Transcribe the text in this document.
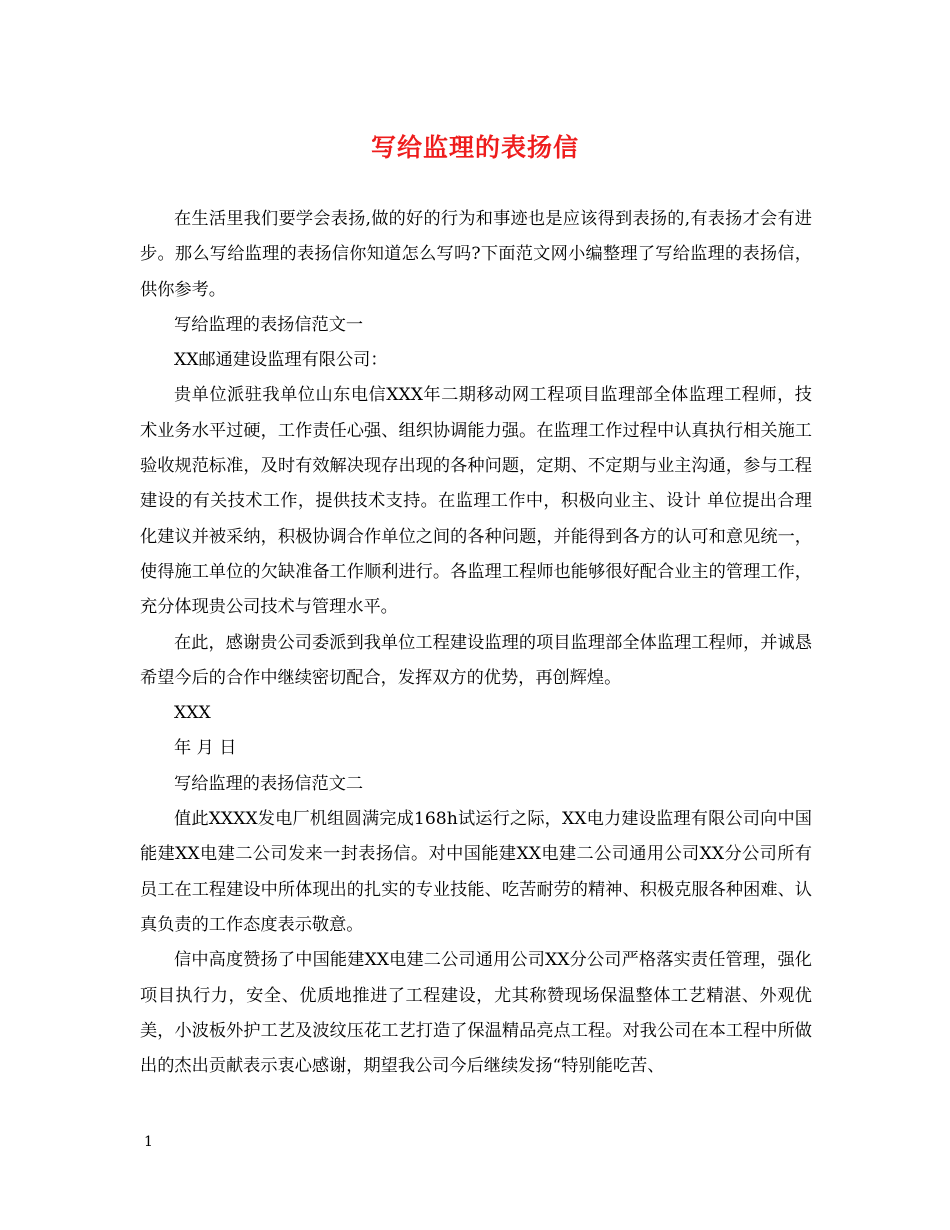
写给监理的表扬信

在生活里我们要学会表扬,做的好的行为和事迹也是应该得到表扬的,有表扬才会有进步。那么写给监理的表扬信你知道怎么写吗?下面范文网小编整理了写给监理的表扬信，供你参考。

写给监理的表扬信范文一

XX邮通建设监理有限公司：

贵单位派驻我单位山东电信XXX年二期移动网工程项目监理部全体监理工程师，技术业务水平过硬，工作责任心强、组织协调能力强。在监理工作过程中认真执行相关施工验收规范标准，及时有效解决现存出现的各种问题，定期、不定期与业主沟通，参与工程建设的有关技术工作，提供技术支持。在监理工作中，积极向业主、设计 单位提出合理化建议并被采纳，积极协调合作单位之间的各种问题，并能得到各方的认可和意见统一，使得施工单位的欠缺准备工作顺利进行。各监理工程师也能够很好配合业主的管理工作，充分体现贵公司技术与管理水平。

在此，感谢贵公司委派到我单位工程建设监理的项目监理部全体监理工程师，并诚恳希望今后的合作中继续密切配合，发挥双方的优势，再创辉煌。

XXX

年 月 日

写给监理的表扬信范文二

值此XXXX发电厂机组圆满完成168h试运行之际，XX电力建设监理有限公司向中国能建XX电建二公司发来一封表扬信。对中国能建XX电建二公司通用公司XX分公司所有员工在工程建设中所体现出的扎实的专业技能、吃苦耐劳的精神、积极克服各种困难、认真负责的工作态度表示敬意。

信中高度赞扬了中国能建XX电建二公司通用公司XX分公司严格落实责任管理，强化项目执行力，安全、优质地推进了工程建设，尤其称赞现场保温整体工艺精湛、外观优美，小波板外护工艺及波纹压花工艺打造了保温精品亮点工程。对我公司在本工程中所做出的杰出贡献表示衷心感谢，期望我公司今后继续发扬“特别能吃苦、

1
